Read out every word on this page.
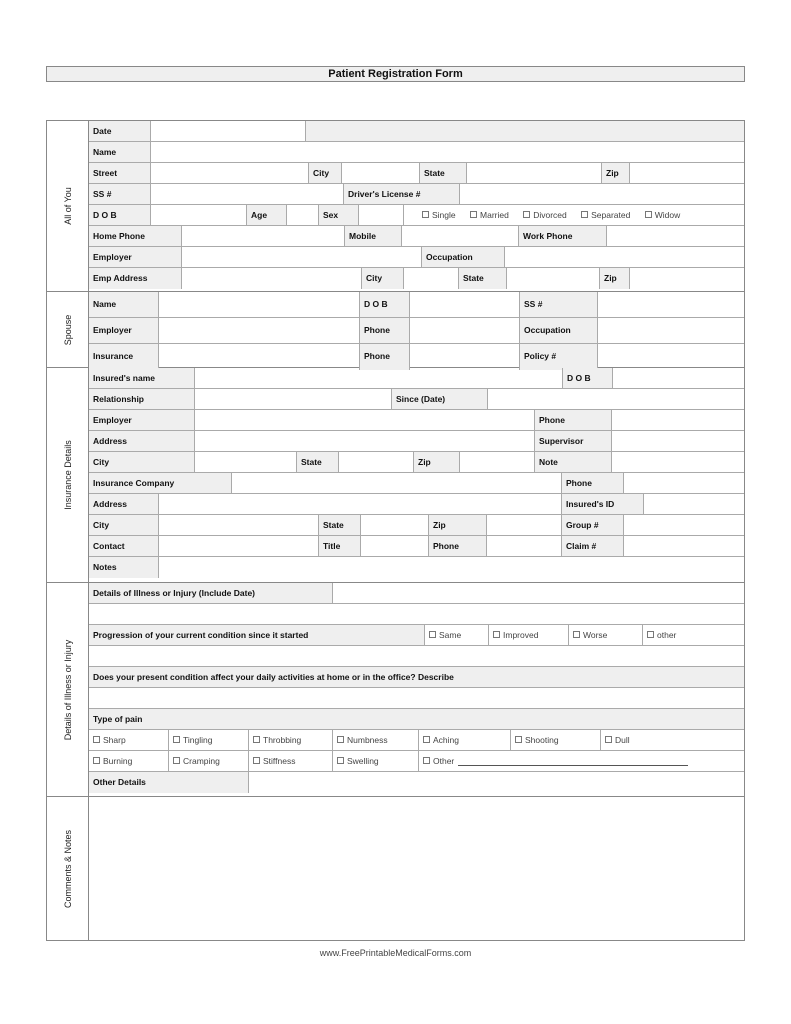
Patient Registration Form
All of You
Date
Name
Street	City	State	Zip
SS #	Driver's License #
D O B	Age	Sex	Single	Married	Divorced	Separated	Widow
Home Phone	Mobile	Work Phone
Employer	Occupation
Emp Address	City	State	Zip
Spouse
Name	D O B	SS #
Employer	Phone	Occupation
Insurance	Phone	Policy #
Insurance Details
Insured's name	D O B
Relationship	Since (Date)
Employer	Phone
Address	Supervisor
City	State	Zip	Note
Insurance Company	Phone
Address	Insured's ID
City	State	Zip	Group #
Contact	Title	Phone	Claim #
Notes
Details of Illness or Injury
Details of Illness or Injury (Include Date)
Progression of your current condition since it started	Same	Improved	Worse	other
Does your present condition affect your daily activities at home or in the office? Describe
Type of pain
Sharp	Tingling	Throbbing	Numbness	Aching	Shooting	Dull
Burning	Cramping	Stiffness	Swelling	Other
Other Details
Comments & Notes
www.FreePrintableMedicalForms.com
